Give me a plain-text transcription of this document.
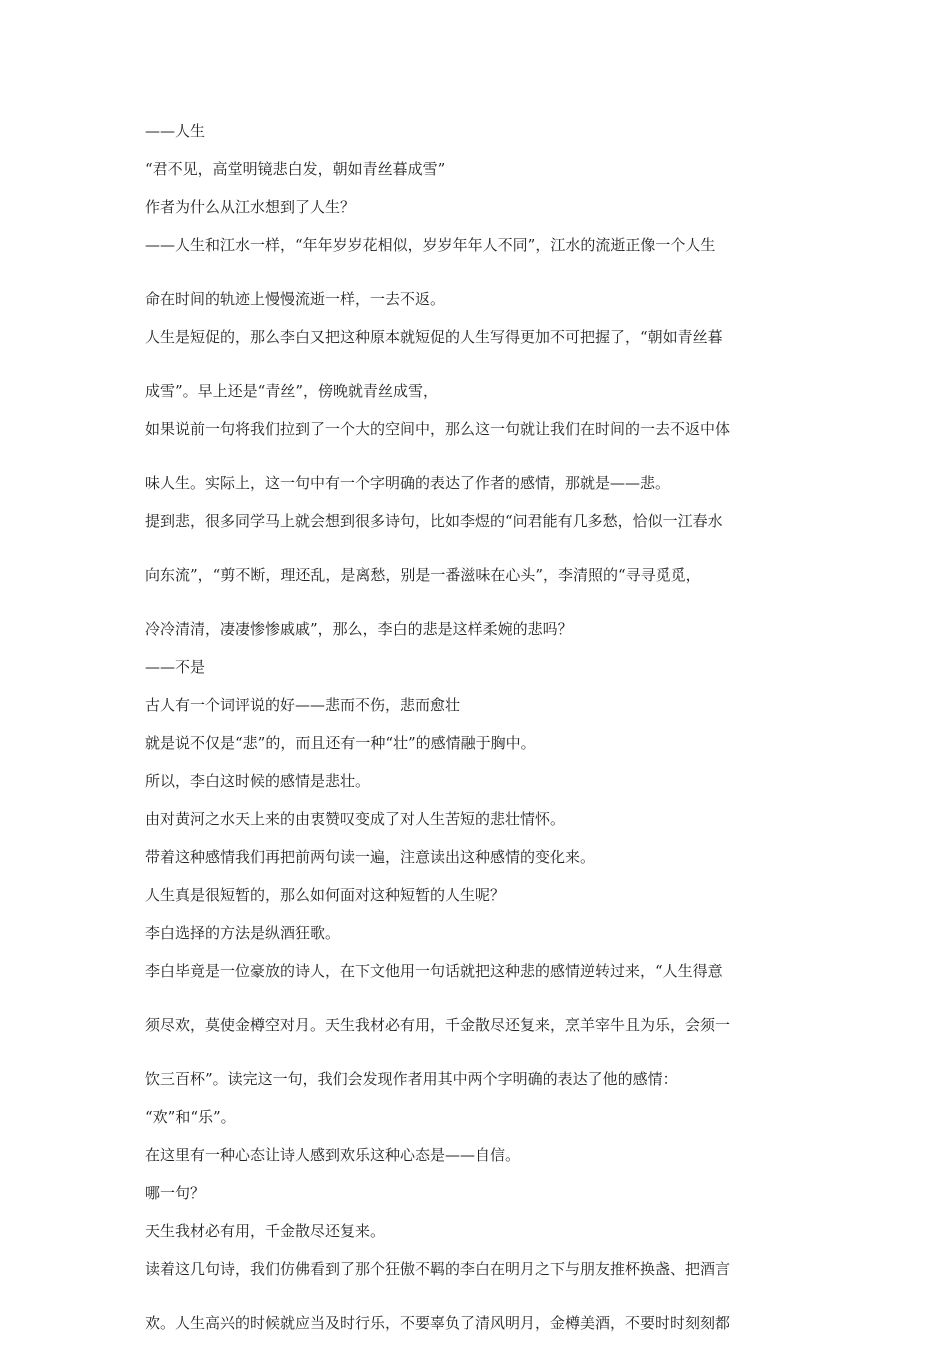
——人生
“君不见，高堂明镜悲白发，朝如青丝暮成雪”
作者为什么从江水想到了人生？
——人生和江水一样，“年年岁岁花相似，岁岁年年人不同”，江水的流逝正像一个人生
命在时间的轨迹上慢慢流逝一样，一去不返。
人生是短促的，那么李白又把这种原本就短促的人生写得更加不可把握了，“朝如青丝暮
成雪”。早上还是“青丝”，傍晚就青丝成雪，
如果说前一句将我们拉到了一个大的空间中，那么这一句就让我们在时间的一去不返中体
味人生。实际上，这一句中有一个字明确的表达了作者的感情，那就是——悲。
提到悲，很多同学马上就会想到很多诗句，比如李煜的“问君能有几多愁，恰似一江春水
向东流”，“剪不断，理还乱，是离愁，别是一番滋味在心头”，李清照的“寻寻觅觅，
冷冷清清，凄凄惨惨戚戚”，那么，李白的悲是这样柔婉的悲吗？
——不是
古人有一个词评说的好——悲而不伤，悲而愈壮
就是说不仅是“悲”的，而且还有一种“壮”的感情融于胸中。
所以，李白这时候的感情是悲壮。
由对黄河之水天上来的由衷赞叹变成了对人生苦短的悲壮情怀。
带着这种感情我们再把前两句读一遍，注意读出这种感情的变化来。
人生真是很短暂的，那么如何面对这种短暂的人生呢？
李白选择的方法是纵酒狂歌。
李白毕竟是一位豪放的诗人，在下文他用一句话就把这种悲的感情逆转过来，“人生得意
须尽欢，莫使金樽空对月。天生我材必有用，千金散尽还复来，烹羊宰牛且为乐，会须一
饮三百杯”。读完这一句，我们会发现作者用其中两个字明确的表达了他的感情：
“欢”和“乐”。
在这里有一种心态让诗人感到欢乐这种心态是——自信。
哪一句？
天生我材必有用，千金散尽还复来。
读着这几句诗，我们仿佛看到了那个狂傲不羁的李白在明月之下与朋友推杯换盏、把酒言
欢。人生高兴的时候就应当及时行乐，不要辜负了清风明月，金樽美酒，不要时时刻刻都
